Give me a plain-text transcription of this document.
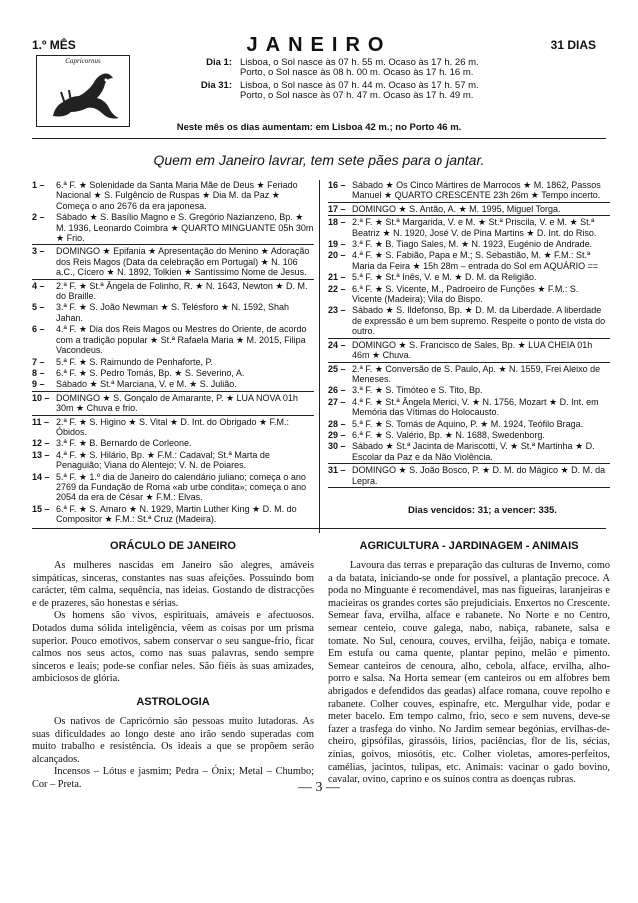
1.º MÊS	JANEIRO	31 DIAS
Capricornus	Dia 1: Lisboa, o Sol nasce às 07 h. 55 m. Ocaso às 17 h. 26 m.
Porto, o Sol nasce às 08 h. 00 m. Ocaso às 17 h. 16 m.
Dia 31: Lisboa, o Sol nasce às 07 h. 44 m. Ocaso às 17 h. 57 m.
Porto, o Sol nasce às 07 h. 47 m. Ocaso às 17 h. 49 m.
Neste mês os dias aumentam: em Lisboa 42 m.; no Porto 46 m.
Quem em Janeiro lavrar, tem sete pães para o jantar.
1 –	6.ª F. ★ Solenidade da Santa Maria Mãe de Deus ★ Feriado Nacional ★ S. Fulgêncio de Ruspas ★ Dia M. da Paz ★ Começa o ano 2676 da era japonesa.
2 –	Sábado ★ S. Basílio Magno e S. Gregório Nazianzeno, Bp. ★ M. 1936, Leonardo Coimbra ★ QUARTO MINGUANTE 05h 30m ★ Frio.
3 –	DOMINGO ★ Epifania ★ Apresentação do Menino ★ Adoração dos Reis Magos (Data da celebração em Portugal) ★ N. 106 a.C., Cícero ★ N. 1892, Tolkien ★ Santíssimo Nome de Jesus.
4 –	2.ª F. ★ St.ª Ângela de Folinho, R. ★ N. 1643, Newton ★ D. M. do Braille.
5 –	3.ª F. ★ S. João Newman ★ S. Telésforo ★ N. 1592, Shah Jahan.
6 –	4.ª F. ★ Dia dos Reis Magos ou Mestres do Oriente, de acordo com a tradição popular ★ St.ª Rafaela Maria ★ M. 2015, Filipa Vacondeus.
7 –	5.ª F. ★ S. Raimundo de Penhaforte, P.
8 –	6.ª F. ★ S. Pedro Tomás, Bp. ★ S. Severino, A.
9 –	Sábado ★ St.ª Marciana, V. e M. ★ S. Julião.
10 – DOMINGO ★ S. Gonçalo de Amarante, P. ★ LUA NOVA 01h 30m ★ Chuva e frio.
11 – 2.ª F. ★ S. Higino ★ S. Vital ★ D. Int. do Obrigado ★ F.M.: Óbidos.
12 – 3.ª F. ★ B. Bernardo de Corleone.
13 – 4.ª F. ★ S. Hilário, Bp. ★ F.M.: Cadaval; St.ª Marta de Penaguião; Viana do Alentejo; V. N. de Poiares.
14 – 5.ª F. ★ 1.º dia de Janeiro do calendário juliano; começa o ano 2769 da Fundação de Roma «ab urbe condita»; começa o ano 2054 da era de César ★ F.M.: Elvas.
15 – 6.ª F. ★ S. Amaro ★ N. 1929, Martin Luther King ★ D. M. do Compositor ★ F.M.: St.ª Cruz (Madeira).
16 – Sábado ★ Os Cinco Mártires de Marrocos ★ M. 1862, Passos Manuel ★ QUARTO CRESCENTE 23h 26m ★ Tempo incerto.
17 – DOMINGO ★ S. Antão, A. ★ M. 1995, Miguel Torga.
18 – 2.ª F. ★ St.ª Margarida, V. e M. ★ St.ª Priscila, V. e M. ★ St.ª Beatriz ★ N. 1920, José V. de Pina Martins ★ D. Int. do Riso.
19 – 3.ª F. ★ B. Tiago Sales, M. ★ N. 1923, Eugénio de Andrade.
20 – 4.ª F. ★ S. Fabião, Papa e M.; S. Sebastião, M. ★ F.M.: St.ª Maria da Feira ★ 15h 28m – entrada do Sol em AQUÁRIO ==
21 – 5.ª F. ★ St.ª Inês, V. e M. ★ D. M. da Religião.
22 – 6.ª F. ★ S. Vicente, M., Padroeiro de Funções ★ F.M.: S. Vicente (Madeira); Vila do Bispo.
23 – Sábado ★ S. Ildefonso, Bp. ★ D. M. da Liberdade. A liberdade de expressão é um bem supremo. Respeite o ponto de vista do outro.
24 – DOMINGO ★ S. Francisco de Sales, Bp. ★ LUA CHEIA 01h 46m ★ Chuva.
25 – 2.ª F. ★ Conversão de S. Paulo, Ap. ★ N. 1559, Frei Aleixo de Meneses.
26 – 3.ª F. ★ S. Timóteo e S. Tito, Bp.
27 – 4.ª F. ★ St.ª Ângela Merici, V. ★ N. 1756, Mozart ★ D. Int. em Memória das Vítimas do Holocausto.
28 – 5.ª F. ★ S. Tomás de Aquino, P. ★ M. 1924, Teófilo Braga.
29 – 6.ª F. ★ S. Valério, Bp. ★ N. 1688, Swedenborg.
30 – Sábado ★ St.ª Jacinta de Mariscotti, V. ★ St.ª Martinha ★ D. Escolar da Paz e da Não Violência.
31 – DOMINGO ★ S. João Bosco, P. ★ D. M. do Mágico ★ D. M. da Lepra.
Dias vencidos: 31; a vencer: 335.
ORÁCULO DE JANEIRO

As mulheres nascidas em Janeiro são alegres, amáveis simpáticas, sinceras, constantes nas suas afeições. Possuindo bom carácter, têm calma, sequência, nas ideias. Gostando de distracções e de prazeres, são honestas e sérias.

Os homens são vivos, espirituais, amáveis e afectuosos. Dotados duma sólida inteligência, vêem as coisas por um prisma superior. Pouco emotivos, sabem conservar o seu sangue-frio, ficar calmos nos seus actos, como nas suas palavras, sendo sempre sinceros e leais; pode-se confiar neles. São fiéis às suas amizades, ambiciosos de glória.

ASTROLOGIA

Os nativos de Capricórnio são pessoas muito lutadoras. As suas dificuldades ao longo deste ano irão sendo superadas com muito trabalho e resistência. Os ideais a que se propõem serão alcançados.

Incensos – Lótus e jasmim; Pedra – Ónix; Metal – Chumbo; Cor – Preta.

AGRICULTURA - JARDINAGEM - ANIMAIS

Lavoura das terras e preparação das culturas de Inverno, como a da batata, iniciando-se onde for possível, a plantação precoce. A poda no Minguante é recomendável, mas nas figueiras, laranjeiras e macieiras os grandes cortes são prejudiciais. Enxertos no Crescente. Semear fava, ervilha, alface e rabanete. No Norte e no Centro, semear centeio, couve galega, nabo, nabiça, rabanete, salsa e tomate. No Sul, cenoura, couves, ervilha, feijão, nabiça e tomate. Em estufa ou cama quente, plantar pepino, melão e pimento. Semear canteiros de cenoura, alho, cebola, alface, ervilha, alho-porro e salsa. Na Horta semear (em canteiros ou em alfobres bem abrigados e defendidos das geadas) alface romana, couve repolho e rabanete. Colher couves, espinafre, etc. Mergulhar vide, podar e meter bacelo. Em tempo calmo, frio, seco e sem nuvens, deve-se fazer a trasfega do vinho. No Jardim semear begónias, ervilhas-de-cheiro, gipsófilas, girassóis, lírios, paciências, flor de lis, sécias, zínias, goivos, miosótis, etc. Colher violetas, amores-perfeitos, camélias, jacintos, tulipas, etc. Animais: vacinar o gado bovino, cavalar, ovino, caprino e os suínos contra as doenças rubras.

— 3 —
